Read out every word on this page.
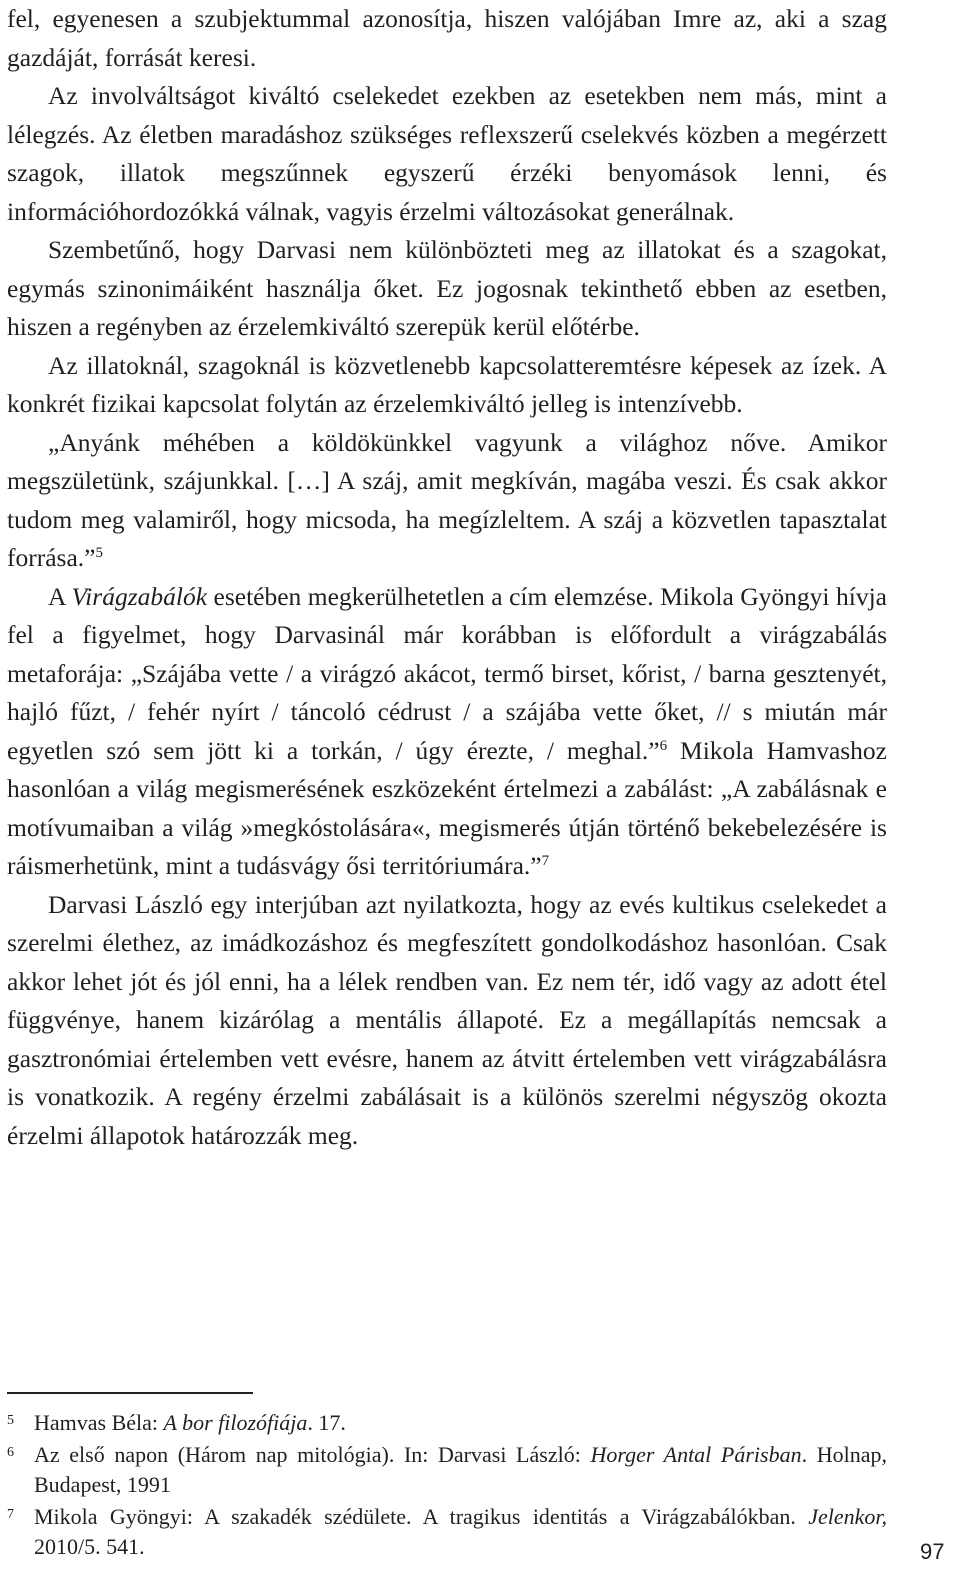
fel, egyenesen a szubjektummal azonosítja, hiszen valójában Imre az, aki a szag gazdáját, forrását keresi.

Az involváltságot kiváltó cselekedet ezekben az esetekben nem más, mint a lélegzés. Az életben maradáshoz szükséges reflexszerű cselekvés közben a megérzett szagok, illatok megszűnnek egyszerű érzéki benyomások lenni, és információhordozókká válnak, vagyis érzelmi változásokat generálnak.

Szembetűnő, hogy Darvasi nem különbözteti meg az illatokat és a szagokat, egymás szinonimáiként használja őket. Ez jogosnak tekinthető ebben az esetben, hiszen a regényben az érzelemkiváltó szerepük kerül előtérbe.

Az illatoknál, szagoknál is közvetlenebb kapcsolatteremtésre képesek az ízek. A konkrét fizikai kapcsolat folytán az érzelemkiváltó jelleg is intenzívebb.

„Anyánk méhében a köldökünkkel vagyunk a világhoz nőve. Amikor megszületünk, szájunkkal. […] A száj, amit megkíván, magába veszi. És csak akkor tudom meg valamiről, hogy micsoda, ha megízleltem. A száj a közvetlen tapasztalat forrása.”$^5$

A Virágzabálók esetében megkerülhetetlen a cím elemzése. Mikola Gyöngyi hívja fel a figyelmet, hogy Darvasinál már korábban is előfordult a virágzabálás metaforája: „Szájába vette / a virágzó akácot, termő birset, kőrist, / barna gesztenyét, hajló fűzt, / fehér nyírt / táncoló cédrust / a szájába vette őket, // s miután már egyetlen szó sem jött ki a torkán, / úgy érezte, / meghal.”$^6$ Mikola Hamvashoz hasonlóan a világ megismerésének eszközeként értelmezi a zabálást: „A zabálásnak e motívumaiban a világ »megkóstolására«, megismerés útján történő bekebelezésére is ráismerhetünk, mint a tudásvágy ősi territóriumára.”$^7$

Darvasi László egy interjúban azt nyilatkozta, hogy az evés kultikus cselekedet a szerelmi élethez, az imádkozáshoz és megfeszített gondolkodáshoz hasonlóan. Csak akkor lehet jót és jól enni, ha a lélek rendben van. Ez nem tér, idő vagy az adott étel függvénye, hanem kizárólag a mentális állapoté. Ez a megállapítás nemcsak a gasztronómiai értelemben vett evésre, hanem az átvitt értelemben vett virágzabálásra is vonatkozik. A regény érzelmi zabálásait is a különös szerelmi négyszög okozta érzelmi állapotok határozzák meg.

5 Hamvas Béla: A bor filozófiája. 17.

6 Az első napon (Három nap mitológia). In: Darvasi László: Horger Antal Párisban. Holnap, Budapest, 1991

7 Mikola Gyöngyi: A szakadék szédülete. A tragikus identitás a Virágzabálókban. Jelenkor, 2010/5. 541.	97
